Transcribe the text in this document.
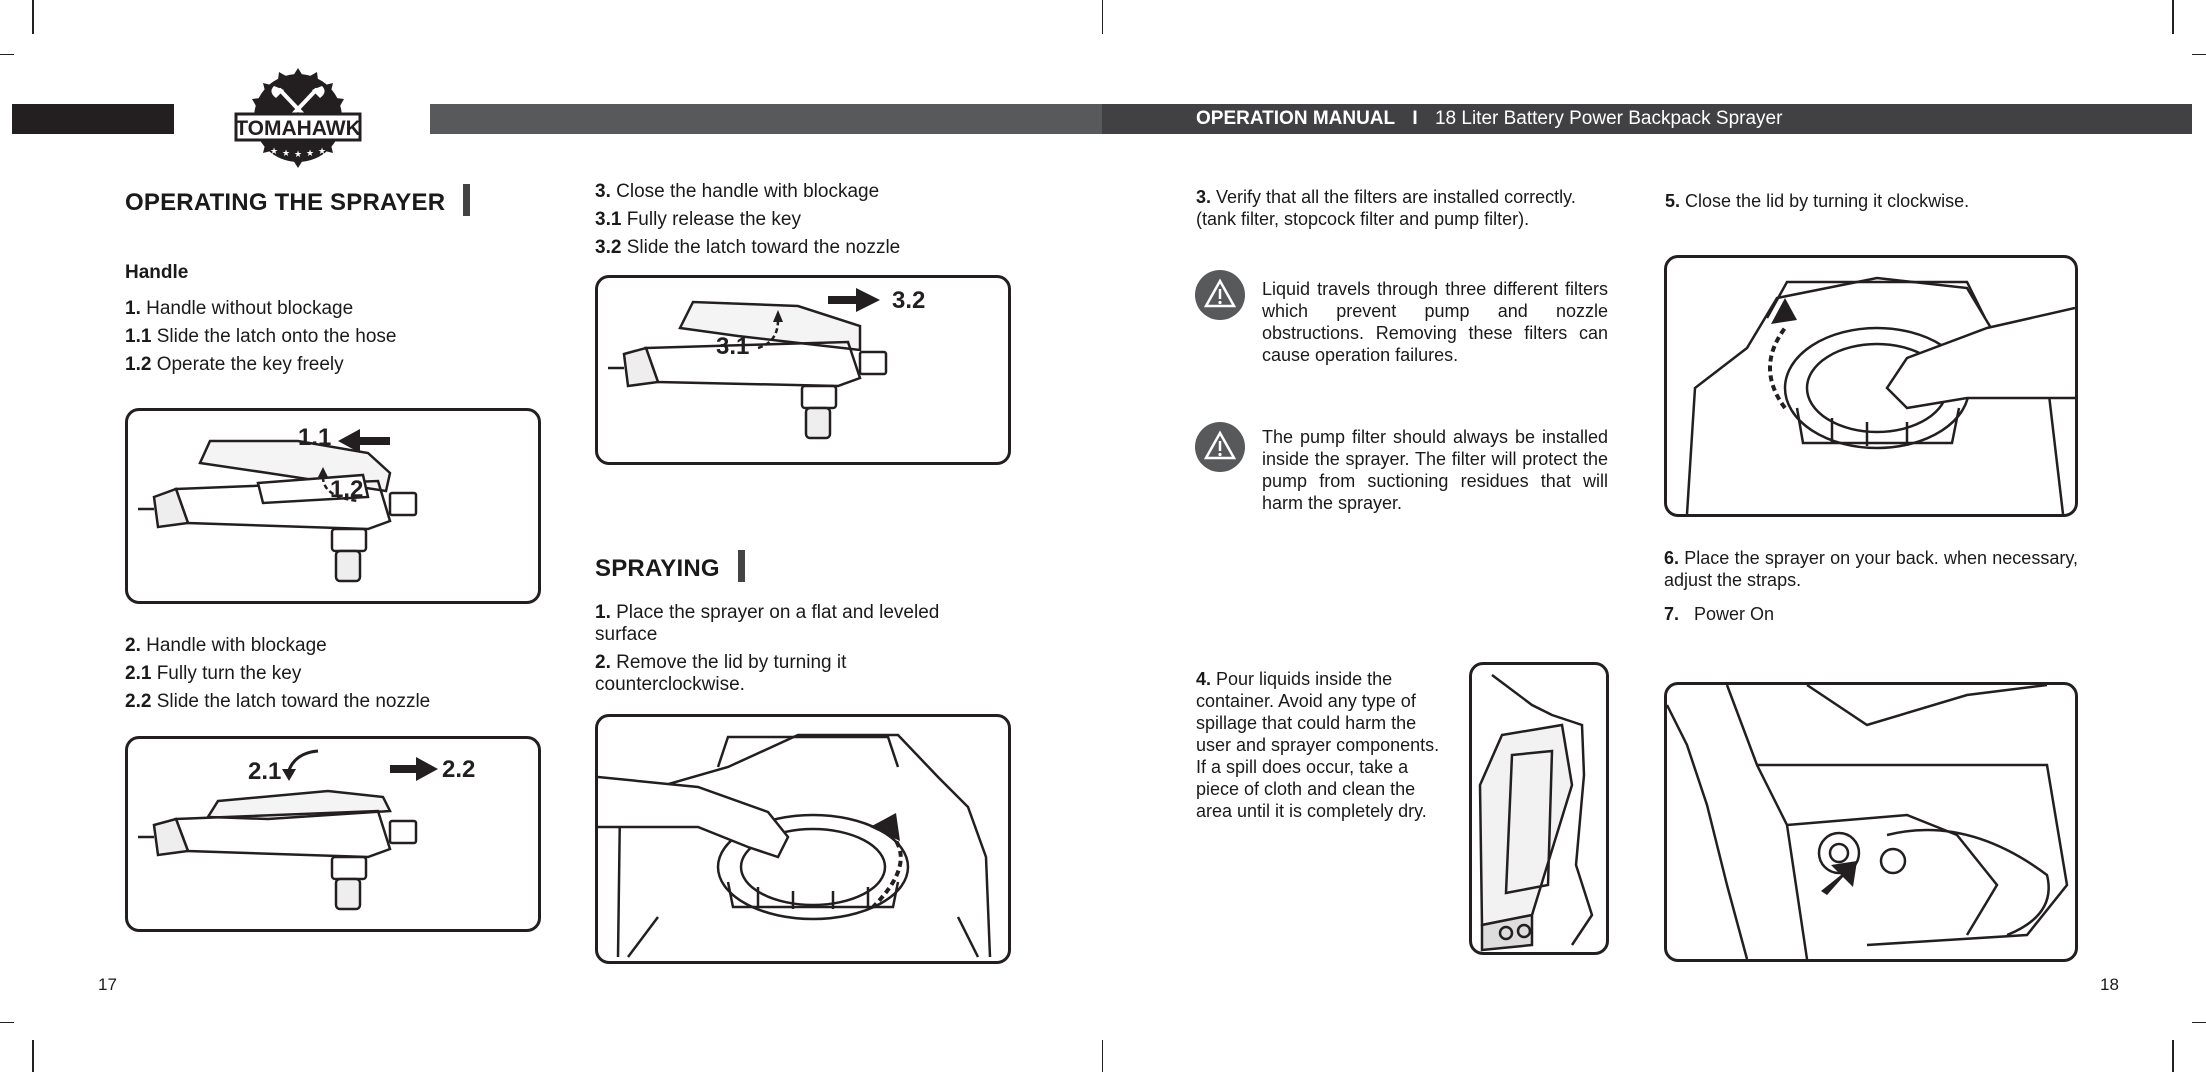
OPERATION MANUAL I 18 Liter Battery Power Backpack Sprayer
TOMAHAWK
★ ★ ★ ★ ★
OPERATING THE SPRAYER
Handle
1. Handle without blockage
1.1 Slide the latch onto the hose
1.2 Operate the key freely
1.1
1.2
2. Handle with blockage
2.1 Fully turn the key
2.2 Slide the latch toward the nozzle
2.1	2.2
17
3. Close the handle with blockage
3.1 Fully release the key
3.2 Slide the latch toward the nozzle
3.2
3.1
SPRAYING
1. Place the sprayer on a flat and leveled surface
2. Remove the lid by turning it counterclockwise.
3. Verify that all the filters are installed correctly. (tank filter, stopcock filter and pump filter).
Liquid travels through three different filters which prevent pump and nozzle obstructions. Removing these filters can cause operation failures.
The pump filter should always be installed inside the sprayer. The filter will protect the pump from suctioning residues that will harm the sprayer.
4. Pour liquids inside the container. Avoid any type of spillage that could harm the user and sprayer components. If a spill does occur, take a piece of cloth and clean the area until it is completely dry.
5. Close the lid by turning it clockwise.
6. Place the sprayer on your back. when necessary, adjust the straps.
7. Power On
18
